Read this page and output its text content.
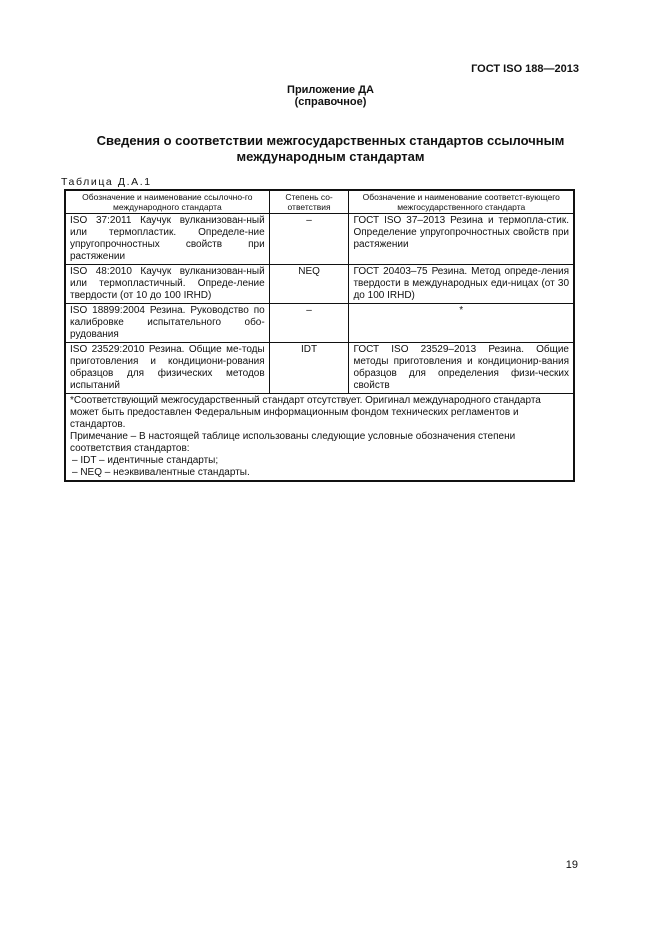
ГОСТ ISO 188—2013
Приложение ДА
(справочное)
Сведения о соответствии межгосударственных стандартов ссылочным
международным стандартам
Таблица Д.А.1
Обозначение и наименование ссылочно-го международного стандарта	Степень со-ответствия	Обозначение и наименование соответст-вующего межгосударственного стандарта
ISO 37:2011 Каучук вулканизован-ный или термопластик. Определе-ние упругопрочностных свойств при растяжении	–	ГОСТ ISO 37–2013 Резина и термопла-стик. Определение упругопрочностных свойств при растяжении
ISO 48:2010 Каучук вулканизован-ный или термопластичный. Опреде-ление твердости (от 10 до 100 IRHD)	NEQ	ГОСТ 20403–75 Резина. Метод опреде-ления твердости в международных еди-ницах (от 30 до 100 IRHD)
ISO 18899:2004 Резина. Руководство по калибровке испытательного обо-рудования	–	*
ISO 23529:2010 Резина. Общие ме-тоды приготовления и кондициони-рования образцов для физических методов испытаний	IDT	ГОСТ ISO 23529–2013 Резина. Общие методы приготовления и кондиционир-вания образцов для определения физи-ческих свойств

*Соответствующий межгосударственный стандарт отсутствует. Оригинал международного стандарта может быть предоставлен Федеральным информационным фондом технических регламентов и стандартов.
Примечание – В настоящей таблице использованы следующие условные обозначения степени соответствия стандартов:
– IDT – идентичные стандарты;
– NEQ – неэквивалентные стандарты.		
19
